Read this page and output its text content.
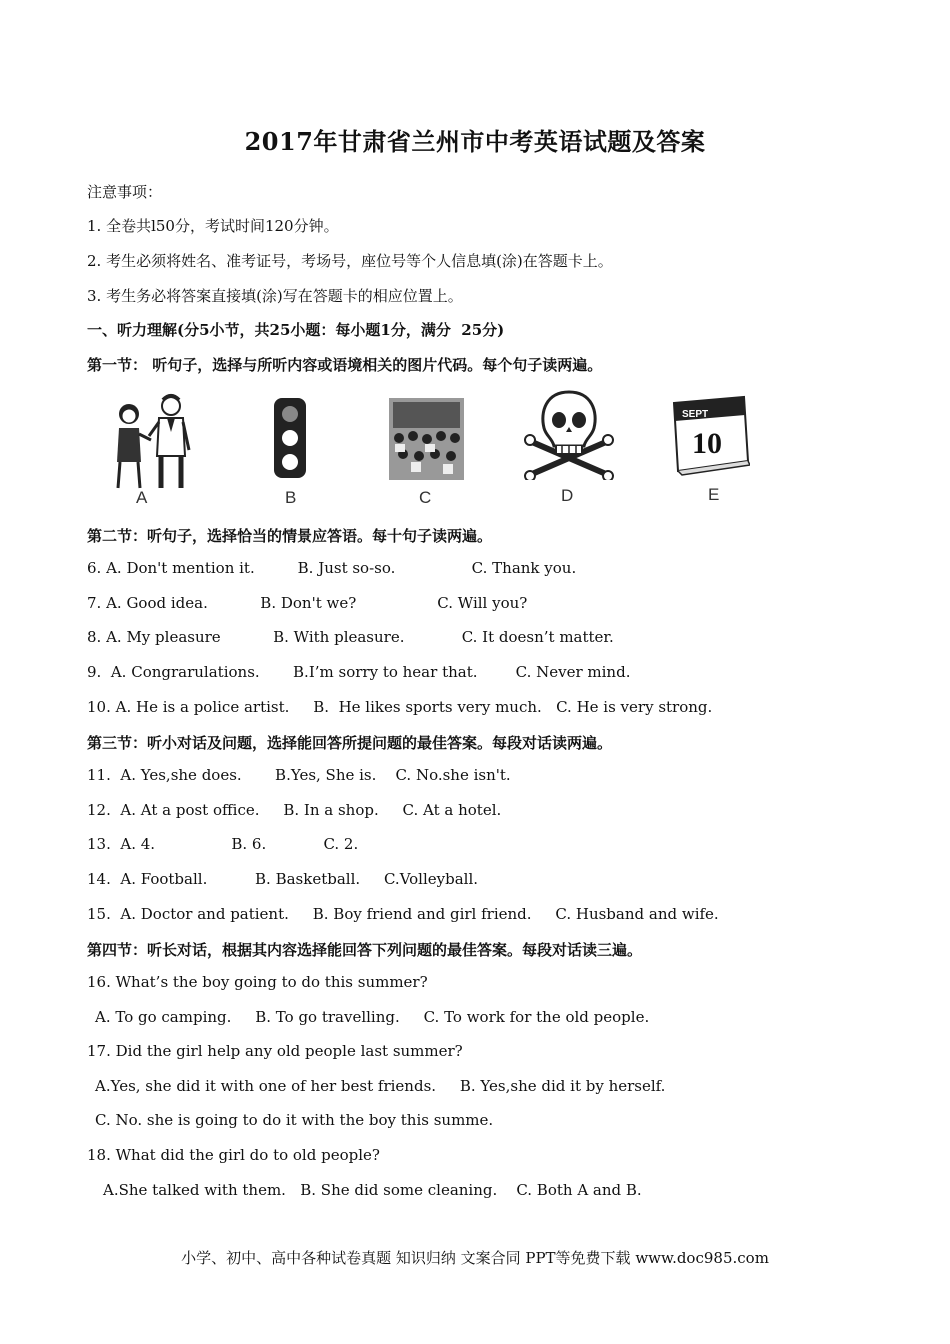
2017年甘肃省兰州市中考英语试题及答案
注意事项：
1. 全卷共l50分，考试时间120分钟。
2. 考生必须将姓名、准考证号，考场号，座位号等个人信息填(涂)在答题卡上。
3. 考生务必将答案直接填(涂)写在答题卡的相应位置上。
一、听力理解(分5小节，共25小题：每小题1分，满分  25分)
第一节： 听句子，选择与所听内容或语境相关的图片代码。每个句子读两遍。
A	B	C	D
SEPT
10
E
第二节：听句子，选择恰当的情景应答语。每十句子读两遍。
6. A. Don't mention it.         B. Just so-so.                C. Thank you.
7. A. Good idea.           B. Don't we?                 C. Will you?
8. A. My pleasure           B. With pleasure.            C. It doesn’t matter.
9.  A. Congrarulations.       B.I’m sorry to hear that.        C. Never mind.
10. A. He is a police artist.     B.  He likes sports very much.   C. He is very strong.
第三节：听小对话及问题，选择能回答所提问题的最佳答案。每段对话读两遍。
11.  A. Yes,she does.       B.Yes, She is.    C. No.she isn't.
12.  A. At a post office.     B. In a shop.     C. At a hotel.
13.  A. 4.                B. 6.            C. 2.
14.  A. Football.          B. Basketball.     C.Volleyball.
15.  A. Doctor and patient.     B. Boy friend and girl friend.     C. Husband and wife.
第四节：听长对话，根据其内容选择能回答下列问题的最佳答案。每段对话读三遍。
16. What’s the boy going to do this summer?
A. To go camping.     B. To go travelling.     C. To work for the old people.
17. Did the girl help any old people last summer?
A.Yes, she did it with one of her best friends.     B. Yes,she did it by herself.
C. No. she is going to do it with the boy this summe.
18. What did the girl do to old people?
A.She talked with them.   B. She did some cleaning.    C. Both A and B.
小学、初中、高中各种试卷真题 知识归纳 文案合同 PPT等免费下载 www.doc985.com
